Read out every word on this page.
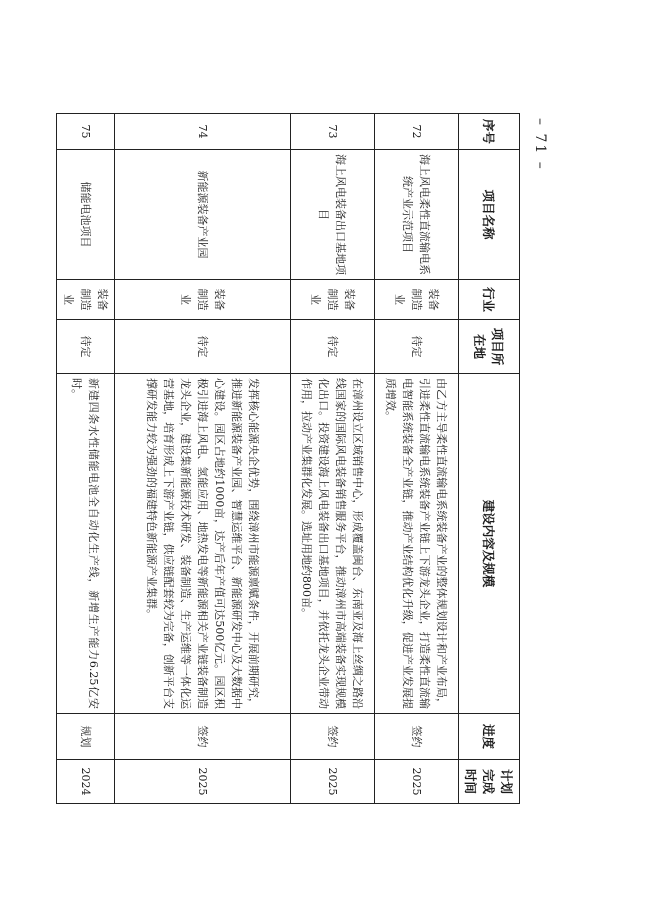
序号	项目名称	行业	项目所在地	建设内容及规模	进度	计划完成时间
72	海上风电柔性直流输电系统产业示范项目	装备制造业	待定	由乙方主导柔性直流输电系统装备产业的整体规划设计和产业布局，引进柔性直流输电系统装备产业链上下游龙头企业，打造柔性直流输电智能系统装备全产业链，推动产业结构优化升级，促进产业发展提质增效。	签约	2025
73	海上风电装备出口基地项目	装备制造业	待定	在漳州设立区域销售中心，形成覆盖闽台、东南亚及海上丝绸之路沿线国家的国际风电装备销售服务平台，推动漳州市高端装备实现规模化出口。投资建设海上风电装备出口基地项目，并依托龙头企业带动作用，拉动产业集群化发展。选址用地约800亩。	签约	2025
74	新能源装备产业园	装备制造业	待定	发挥核心能源央企优势，围绕漳州市能源禀赋条件，开展前期研究，推进新能源装备产业园、智慧运维平台、新能源研发中心及大数据中心建设。园区占地约1000亩，达产后年产值可达500亿元。园区积极引进海上风电、氢能应用、地热发电等新能源相关产业链装备制造龙头企业，建设集新能源技术研发、装备制造、生产运维等一体化运营基地，培育形成上下游产业链，供应链配套较为完备，创新平台支撑研发能力较为强劲的福建特色新能源产业集群。	签约	2025
75	储能电池项目	装备制造业	待定	新建四条水性储能电池全自动化生产线，新增生产能力6.25亿安时。	规划	2024
– 71 –
